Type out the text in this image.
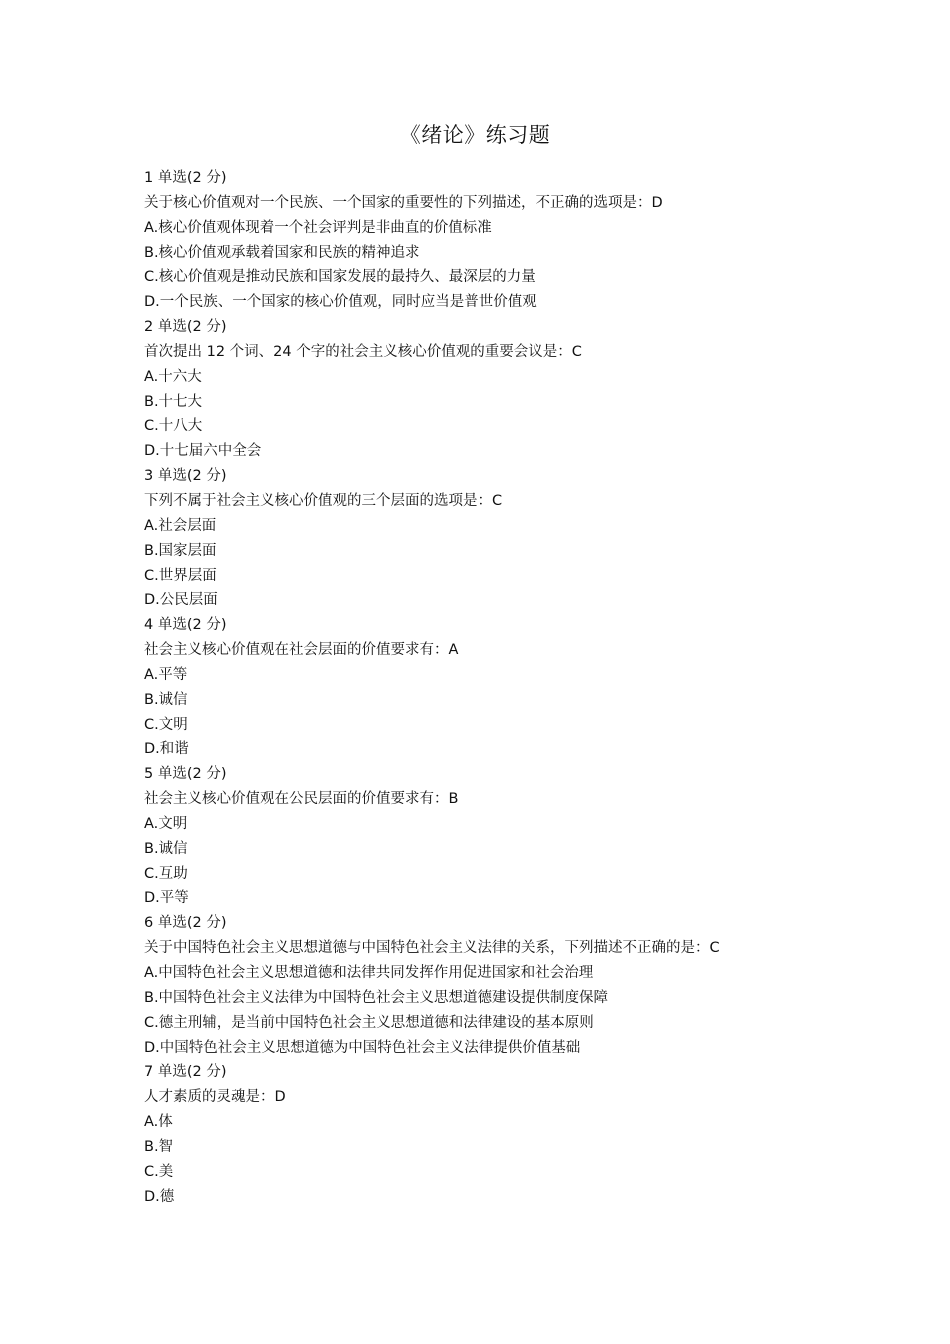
《绪论》练习题
1 单选(2 分)
关于核心价值观对一个民族、一个国家的重要性的下列描述，不正确的选项是：D
A.核心价值观体现着一个社会评判是非曲直的价值标准
B.核心价值观承载着国家和民族的精神追求
C.核心价值观是推动民族和国家发展的最持久、最深层的力量
D.一个民族、一个国家的核心价值观，同时应当是普世价值观
2 单选(2 分)
首次提出 12 个词、24 个字的社会主义核心价值观的重要会议是：C
A.十六大
B.十七大
C.十八大
D.十七届六中全会
3 单选(2 分)
下列不属于社会主义核心价值观的三个层面的选项是：C
A.社会层面
B.国家层面
C.世界层面
D.公民层面
4 单选(2 分)
社会主义核心价值观在社会层面的价值要求有：A
A.平等
B.诚信
C.文明
D.和谐
5 单选(2 分)
社会主义核心价值观在公民层面的价值要求有：B
A.文明
B.诚信
C.互助
D.平等
6 单选(2 分)
关于中国特色社会主义思想道德与中国特色社会主义法律的关系，下列描述不正确的是：C
A.中国特色社会主义思想道德和法律共同发挥作用促进国家和社会治理
B.中国特色社会主义法律为中国特色社会主义思想道德建设提供制度保障
C.德主刑辅，是当前中国特色社会主义思想道德和法律建设的基本原则
D.中国特色社会主义思想道德为中国特色社会主义法律提供价值基础
7 单选(2 分)
人才素质的灵魂是：D
A.体
B.智
C.美
D.德
